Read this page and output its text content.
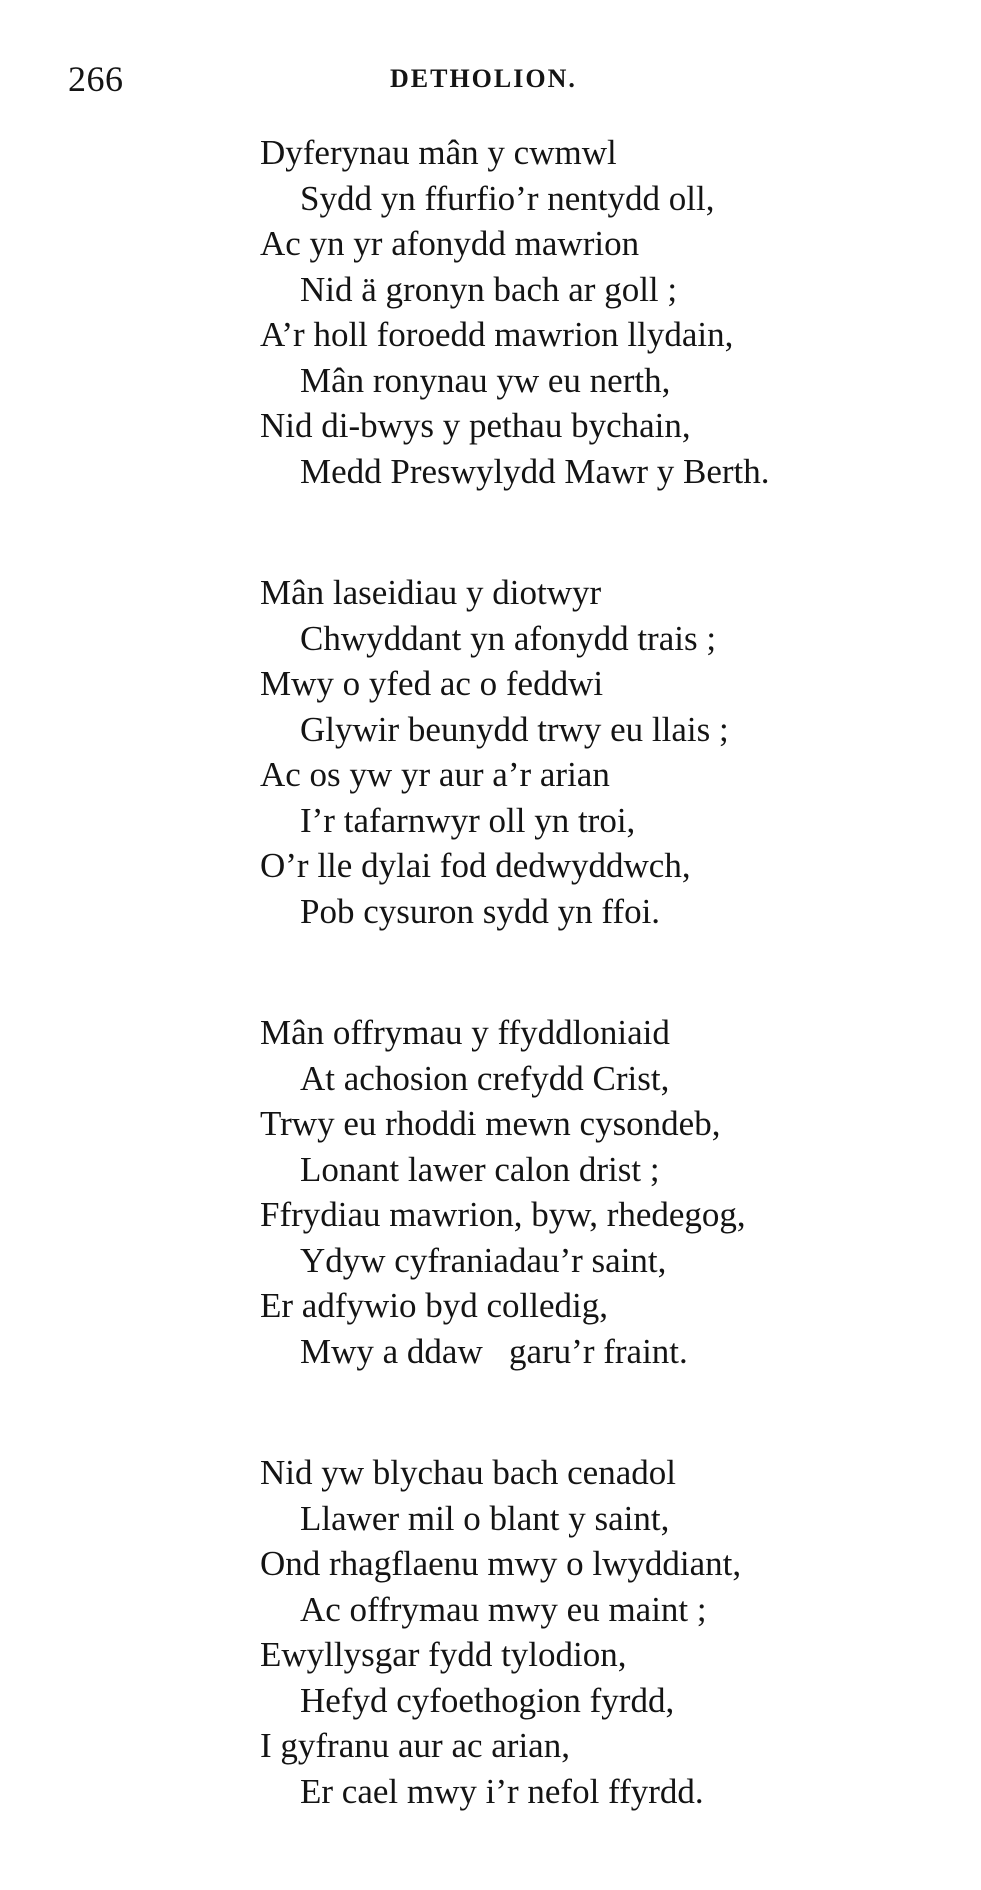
266	DETHOLION.
Dyferynau mân y cwmwl
Sydd yn ffurfio’r nentydd oll,
Ac yn yr afonydd mawrion
Nid ä gronyn bach ar goll ;
A’r holl foroedd mawrion llydain,
Mân ronynau yw eu nerth,
Nid di-bwys y pethau bychain,
Medd Preswylydd Mawr y Berth.
Mân laseidiau y diotwyr
Chwyddant yn afonydd trais ;
Mwy o yfed ac o feddwi
Glywir beunydd trwy eu llais ;
Ac os yw yr aur a’r arian
I’r tafarnwyr oll yn troi,
O’r lle dylai fod dedwyddwch,
Pob cysuron sydd yn ffoi.
Mân offrymau y ffyddloniaid
At achosion crefydd Crist,
Trwy eu rhoddi mewn cysondeb,
Lonant lawer calon drist ;
Ffrydiau mawrion, byw, rhedegog,
Ydyw cyfraniadau’r saint,
Er adfywio byd colledig,
Mwy a ddaw   garu’r fraint.
Nid yw blychau bach cenadol
Llawer mil o blant y saint,
Ond rhagflaenu mwy o lwyddiant,
Ac offrymau mwy eu maint ;
Ewyllysgar fydd tylodion,
Hefyd cyfoethogion fyrdd,
I gyfranu aur ac arian,
Er cael mwy i’r nefol ffyrdd.
